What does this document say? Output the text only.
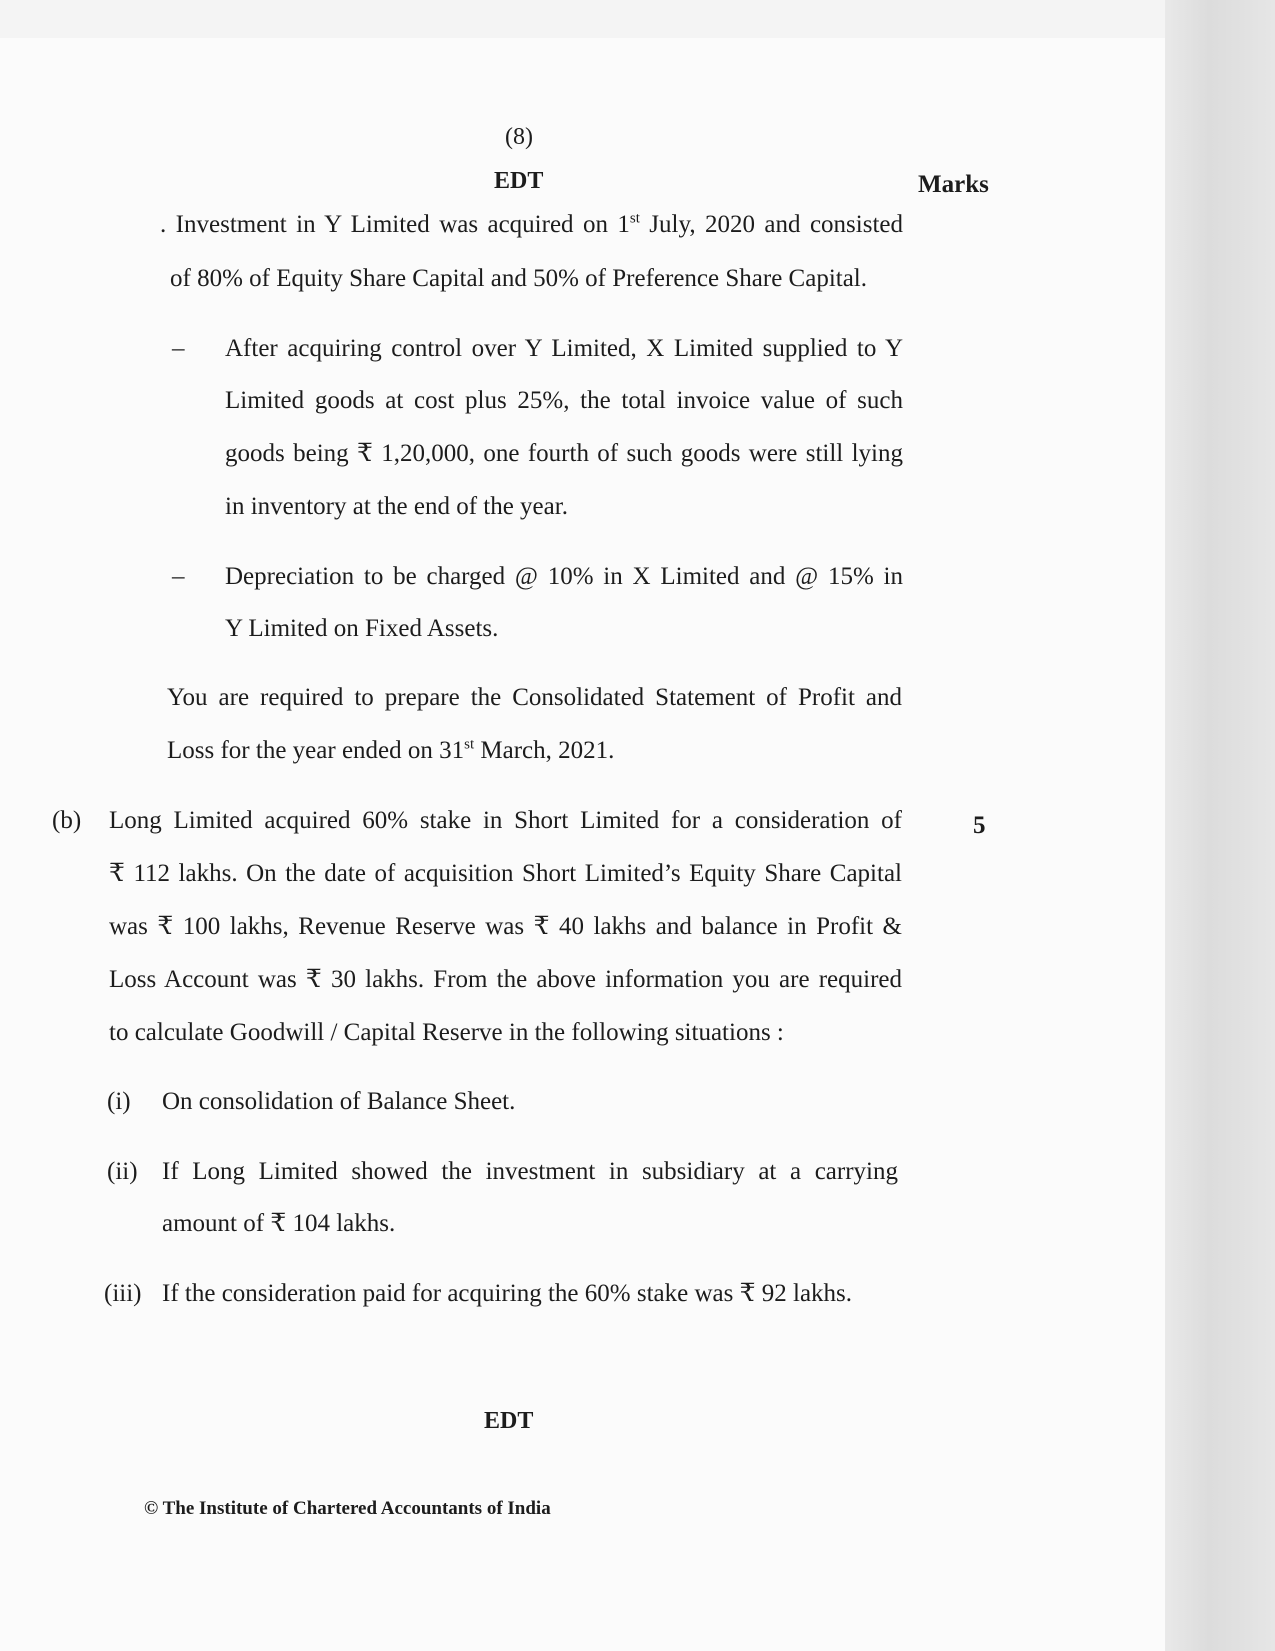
(8)
EDT	Marks
. Investment in Y Limited was acquired on 1st July, 2020 and consisted
of 80% of Equity Share Capital and 50% of Preference Share Capital.
– After acquiring control over Y Limited, X Limited supplied to Y
Limited goods at cost plus 25%, the total invoice value of such
goods being ₹ 1,20,000, one fourth of such goods were still lying
in inventory at the end of the year.
– Depreciation to be charged @ 10% in X Limited and @ 15% in
Y Limited on Fixed Assets.
You are required to prepare the Consolidated Statement of Profit and
Loss for the year ended on 31st March, 2021.
(b)	5
Long Limited acquired 60% stake in Short Limited for a consideration of
₹ 112 lakhs. On the date of acquisition Short Limited’s Equity Share Capital
was ₹ 100 lakhs, Revenue Reserve was ₹ 40 lakhs and balance in Profit &
Loss Account was ₹ 30 lakhs. From the above information you are required
to calculate Goodwill / Capital Reserve in the following situations :
(i) On consolidation of Balance Sheet.
(ii) If Long Limited showed the investment in subsidiary at a carrying
amount of ₹ 104 lakhs.
(iii) If the consideration paid for acquiring the 60% stake was ₹ 92 lakhs.
EDT
© The Institute of Chartered Accountants of India
